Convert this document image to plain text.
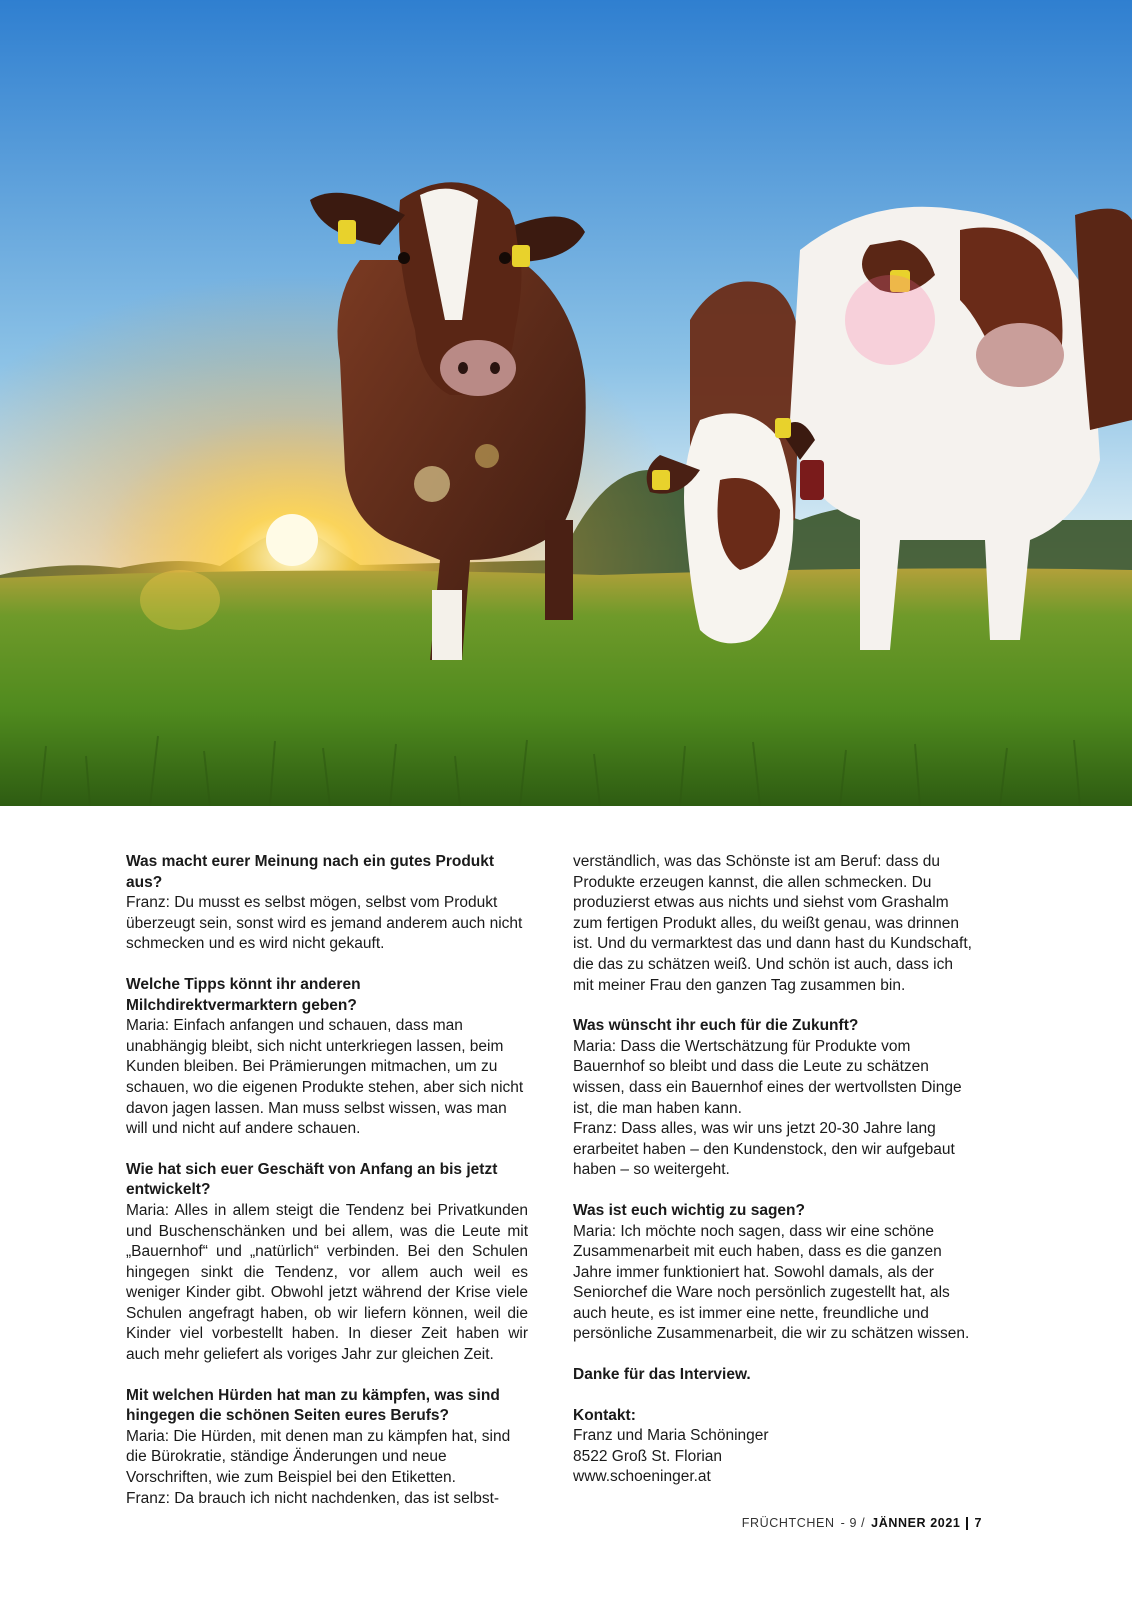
Was macht eurer Meinung nach ein gutes Produkt aus?
Franz: Du musst es selbst mögen, selbst vom Produkt überzeugt sein, sonst wird es jemand anderem auch nicht schmecken und es wird nicht gekauft.
Welche Tipps könnt ihr anderen Milchdirektvermarktern geben?
Maria: Einfach anfangen und schauen, dass man unabhängig bleibt, sich nicht unterkriegen lassen, beim Kunden bleiben. Bei Prämierungen mitmachen, um zu schauen, wo die eigenen Produkte stehen, aber sich nicht davon jagen lassen. Man muss selbst wissen, was man will und nicht auf andere schauen.
Wie hat sich euer Geschäft von Anfang an bis jetzt entwickelt?
Maria: Alles in allem steigt die Tendenz bei Privatkunden und Buschenschänken und bei allem, was die Leute mit „Bauernhof“ und „natürlich“ verbinden. Bei den Schulen hingegen sinkt die Tendenz, vor allem auch weil es weniger Kinder gibt. Obwohl jetzt während der Krise viele Schulen angefragt haben, ob wir liefern können, weil die Kinder viel vorbestellt haben. In dieser Zeit haben wir auch mehr geliefert als voriges Jahr zur gleichen Zeit.
Mit welchen Hürden hat man zu kämpfen, was sind hingegen die schönen Seiten eures Berufs?
Maria: Die Hürden, mit denen man zu kämpfen hat, sind die Bürokratie, ständige Änderungen und neue Vorschriften, wie zum Beispiel bei den Etiketten.
Franz: Da brauch ich nicht nachdenken, das ist selbst-
verständlich, was das Schönste ist am Beruf: dass du Produkte erzeugen kannst, die allen schmecken. Du produzierst etwas aus nichts und siehst vom Grashalm zum fertigen Produkt alles, du weißt genau, was drinnen ist. Und du vermarktest das und dann hast du Kundschaft, die das zu schätzen weiß. Und schön ist auch, dass ich mit meiner Frau den ganzen Tag zusammen bin.
Was wünscht ihr euch für die Zukunft?
Maria: Dass die Wertschätzung für Produkte vom Bauernhof so bleibt und dass die Leute zu schätzen wissen, dass ein Bauernhof eines der wertvollsten Dinge ist, die man haben kann.
Franz: Dass alles, was wir uns jetzt 20-30 Jahre lang erarbeitet haben – den Kundenstock, den wir aufgebaut haben – so weitergeht.
Was ist euch wichtig zu sagen?
Maria: Ich möchte noch sagen, dass wir eine schöne Zusammenarbeit mit euch haben, dass es die ganzen Jahre immer funktioniert hat. Sowohl damals, als der Seniorchef die Ware noch persönlich zugestellt hat, als auch heute, es ist immer eine nette, freundliche und persönliche Zusammenarbeit, die wir zu schätzen wissen.
Danke für das Interview.
Kontakt:
Franz und Maria Schöninger
8522 Groß St. Florian
www.schoeninger.at
FRÜCHTCHEN - 9 / JÄNNER 2021 7
